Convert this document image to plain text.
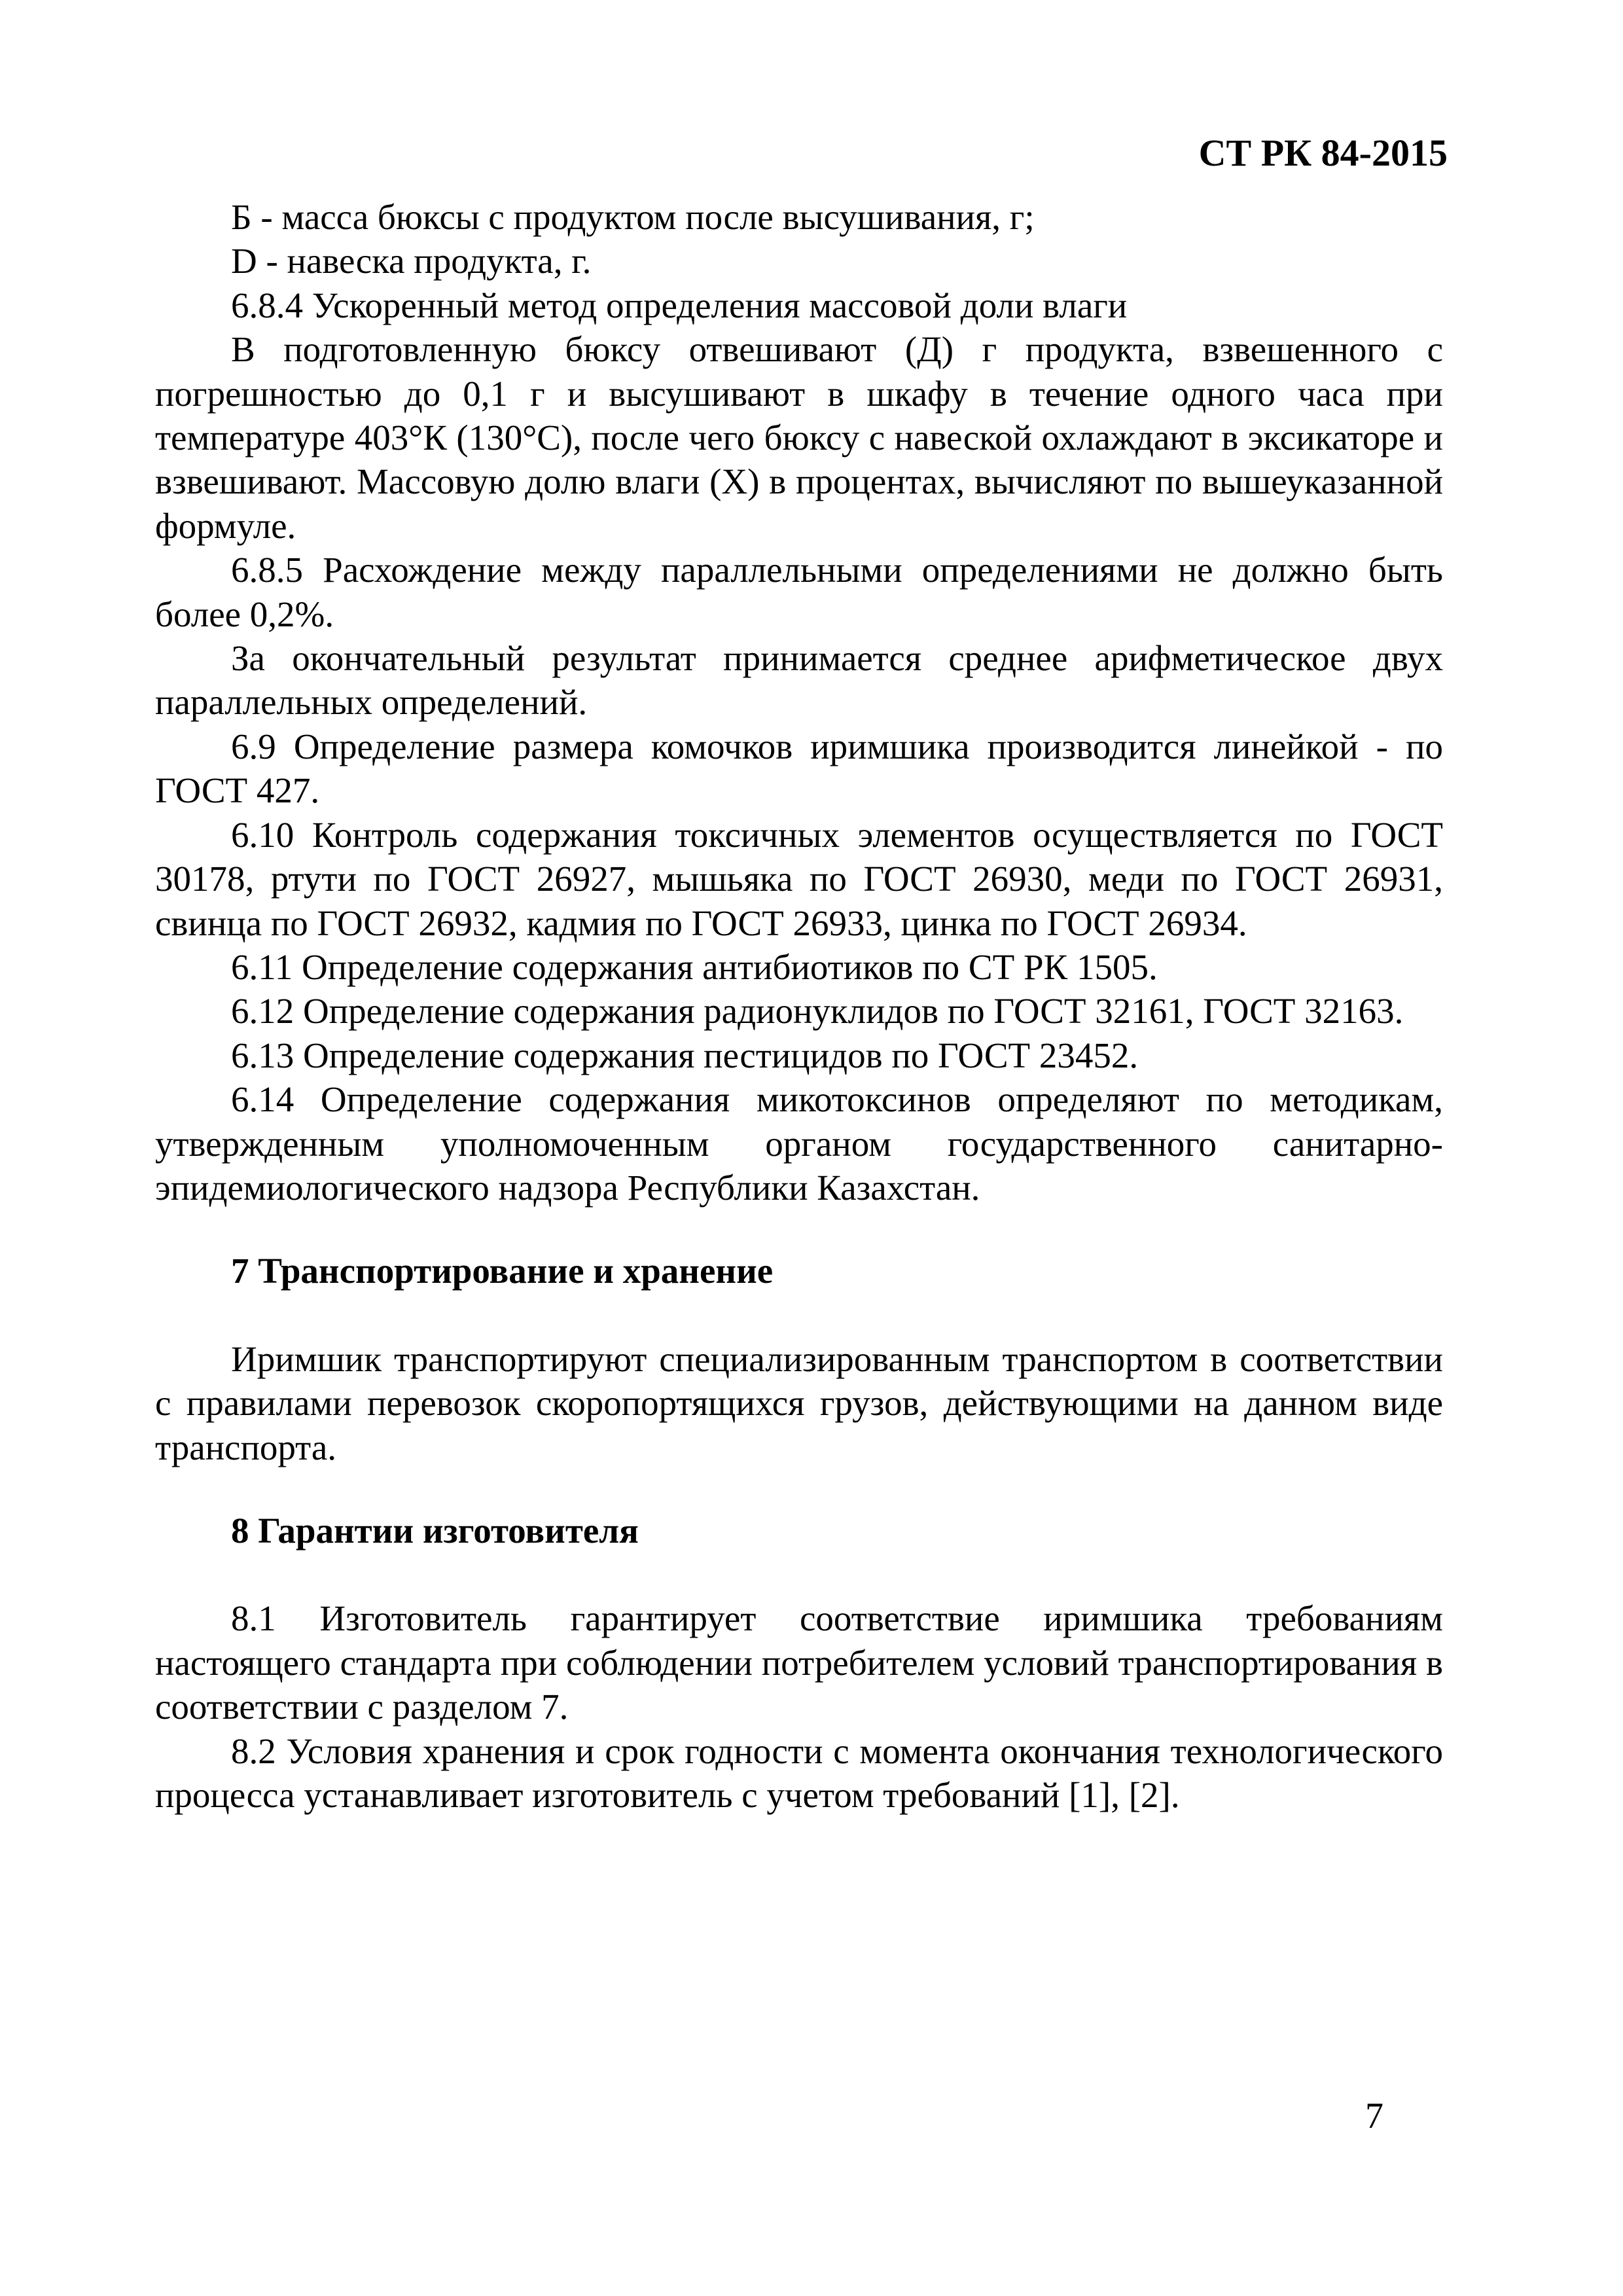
СТ РК 84-2015

Б - масса бюксы с продуктом после высушивания, г;

D - навеска продукта, г.

6.8.4 Ускоренный метод определения массовой доли влаги

В подготовленную бюксу отвешивают (Д) г продукта, взвешенного с погрешностью до 0,1 г и высушивают в шкафу в течение одного часа при температуре 403°К (130°С), после чего бюксу с навеской охлаждают в эксикаторе и взвешивают. Массовую долю влаги (Х) в процентах, вычисляют по вышеуказанной формуле.

6.8.5 Расхождение между параллельными определениями не должно быть более 0,2%.

За окончательный результат принимается среднее арифметическое двух параллельных определений.

6.9 Определение размера комочков иримшика производится линейкой - по ГОСТ 427.

6.10 Контроль содержания токсичных элементов осуществляется по ГОСТ 30178, ртути по ГОСТ 26927, мышьяка по ГОСТ 26930, меди по ГОСТ 26931, свинца по ГОСТ 26932, кадмия по ГОСТ 26933, цинка по ГОСТ 26934.

6.11 Определение содержания антибиотиков по СТ РК 1505.

6.12 Определение содержания радионуклидов по ГОСТ 32161, ГОСТ 32163.

6.13 Определение содержания пестицидов по ГОСТ 23452.

6.14 Определение содержания микотоксинов определяют по методикам, утвержденным уполномоченным органом государственного санитарно-эпидемиологического надзора Республики Казахстан.

7 Транспортирование и хранение

Иримшик транспортируют специализированным транспортом в соответствии с правилами перевозок скоропортящихся грузов, действующими на данном виде транспорта.

8 Гарантии изготовителя

8.1 Изготовитель гарантирует соответствие иримшика требованиям настоящего стандарта при соблюдении потребителем условий транспортирования в соответствии с разделом 7.

8.2 Условия хранения и срок годности с момента окончания технологического процесса устанавливает изготовитель с учетом требований [1], [2].

7
